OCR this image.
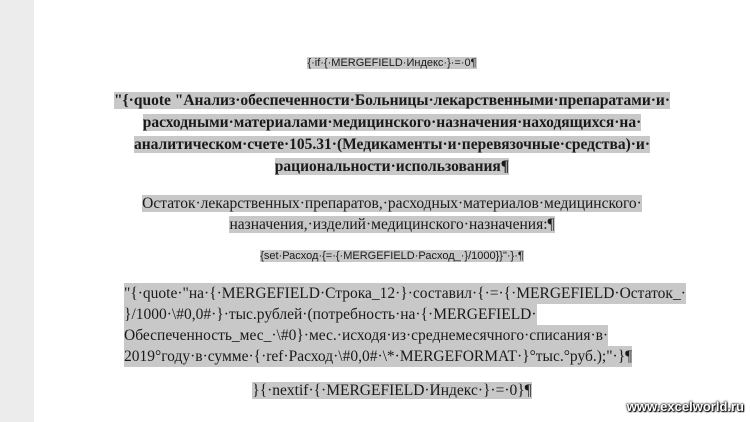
{·if·{·MERGEFIELD·Индекс·}·=·0¶
"{·quote "Анализ·обеспеченности·Больницы·лекарственными·препаратами·и·
расходными·материалами·медицинского·назначения·находящихся·на·
аналитическом·счете·105.31·(Медикаменты·и·перевязочные·средства)·и·
рациональности·использования¶
Остаток·лекарственных·препаратов,·расходных·материалов·медицинского·
назначения,·изделий·медицинского·назначения:¶
{set·Расход·{=·{·MERGEFIELD·Расход_·}/1000}}"·}·¶
"{·quote·"на·{·MERGEFIELD·Строка_12·}·составил·{·=·{·MERGEFIELD·Остаток_·
}/1000·\#0,0#·}·тыс.рублей·(потребность·на·{·MERGEFIELD·
Обеспеченность_мес_·\#0}·мес.·исходя·из·среднемесячного·списания·в·
2019°году·в·сумме·{·ref·Расход·\#0,0#·\*·MERGEFORMAT·}°тыс.°руб.);"·}¶
}{·nextif·{·MERGEFIELD·Индекс·}·=·0}¶
www.excelworld.ru
